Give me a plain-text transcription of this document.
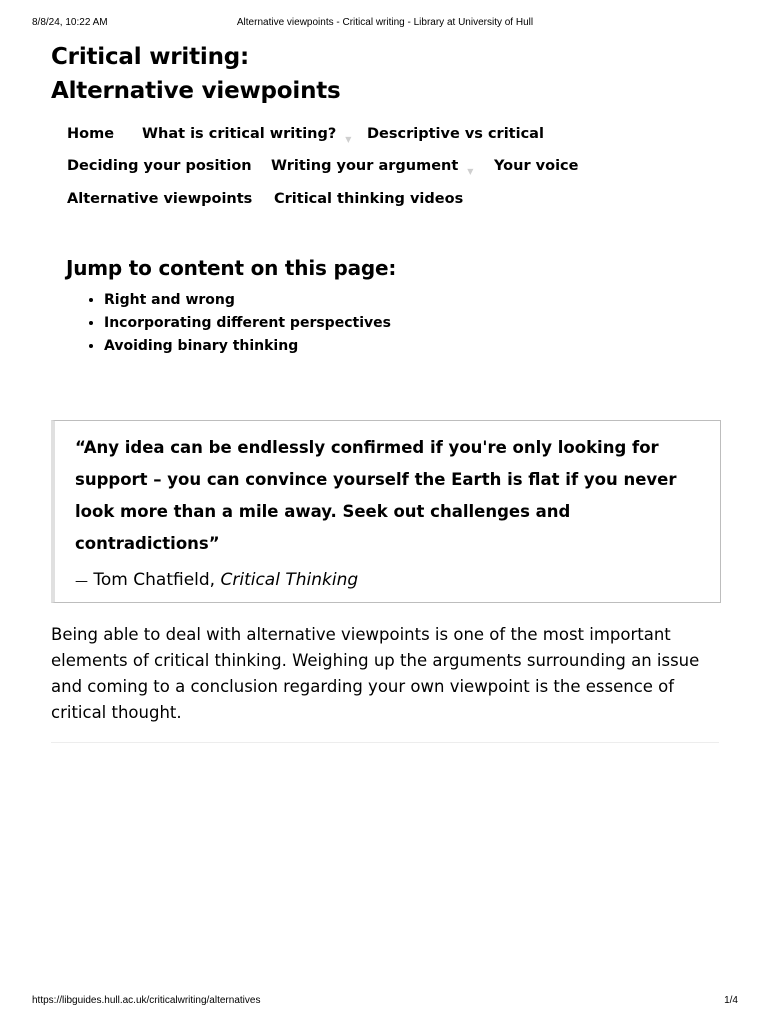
8/8/24, 10:22 AM	Alternative viewpoints - Critical writing - Library at University of Hull
Critical writing:
Alternative viewpoints
Home What is critical writing? ▼ Descriptive vs critical
Deciding your position Writing your argument ▼ Your voice
Alternative viewpoints Critical thinking videos
Jump to content on this page:
• Right and wrong
• Incorporating different perspectives
• Avoiding binary thinking

“Any idea can be endlessly confirmed if you're only looking for support – you can convince yourself the Earth is flat if you never look more than a mile away. Seek out challenges and contradictions”

— Tom Chatfield, Critical Thinking

Being able to deal with alternative viewpoints is one of the most important elements of critical thinking. Weighing up the arguments surrounding an issue and coming to a conclusion regarding your own viewpoint is the essence of critical thought.

https://libguides.hull.ac.uk/criticalwriting/alternatives	1/4
